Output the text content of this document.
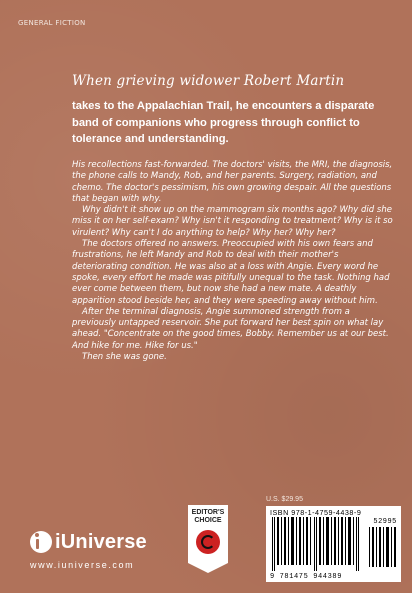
GENERAL FICTION
When grieving widower Robert Martin
takes to the Appalachian Trail, he encounters a disparate band of companions who progress through conflict to tolerance and understanding.

His recollections fast-forwarded. The doctors' visits, the MRI, the diagnosis, the phone calls to Mandy, Rob, and her parents. Surgery, radiation, and chemo. The doctor's pessimism, his own growing despair. All the questions that began with why.

Why didn't it show up on the mammogram six months ago? Why did she miss it on her self-exam? Why isn't it responding to treatment? Why is it so virulent? Why can't I do anything to help? Why her? Why her?

The doctors offered no answers. Preoccupied with his own fears and frustrations, he left Mandy and Rob to deal with their mother's deteriorating condition. He was also at a loss with Angie. Every word he spoke, every effort he made was pitifully unequal to the task. Nothing had ever come between them, but now she had a new mate. A deathly apparition stood beside her, and they were speeding away without him.

After the terminal diagnosis, Angie summoned strength from a previously untapped reservoir. She put forward her best spin on what lay ahead. "Concentrate on the good times, Bobby. Remember us at our best. And hike for me. Hike for us."

Then she was gone.

U.S. $29.95
ISBN 978-1-4759-4438-9
52995
9 781475 944389
EDITOR'S
CHOICE
iUniverse
www.iuniverse.com
